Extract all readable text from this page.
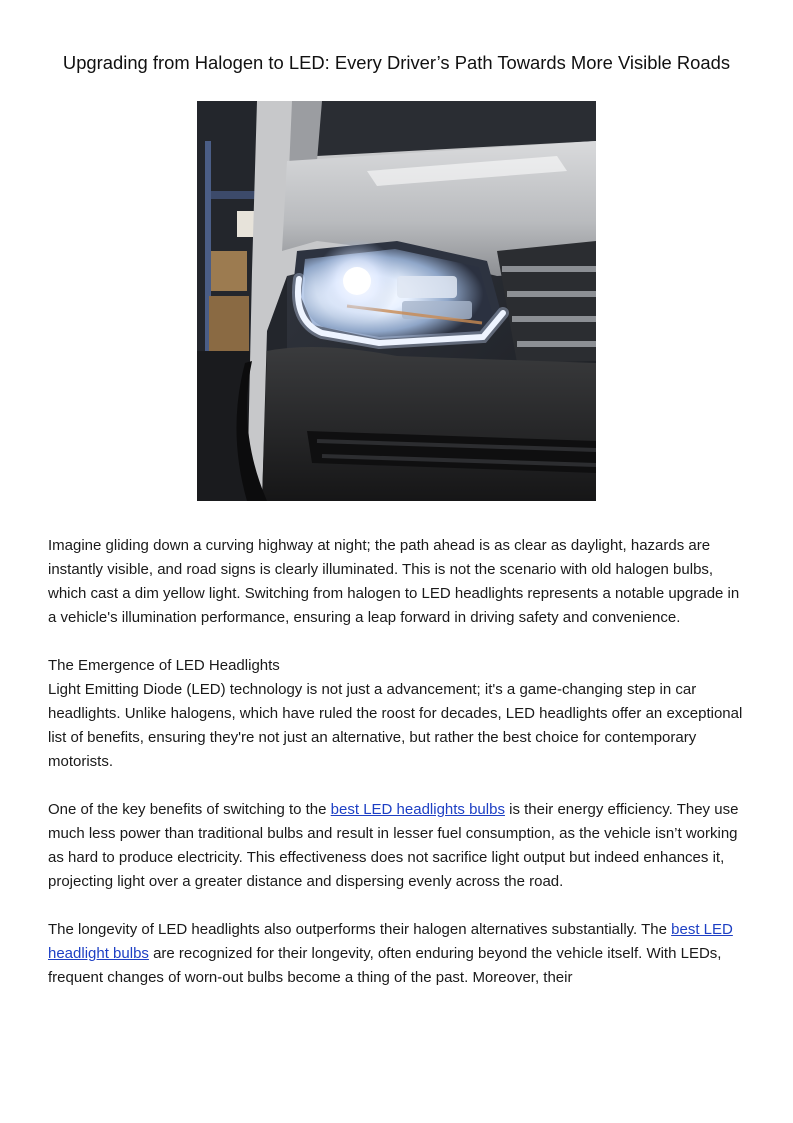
Upgrading from Halogen to LED: Every Driver’s Path Towards More Visible Roads

Imagine gliding down a curving highway at night; the path ahead is as clear as daylight, hazards are instantly visible, and road signs is clearly illuminated. This is not the scenario with old halogen bulbs, which cast a dim yellow light. Switching from halogen to LED headlights represents a notable upgrade in a vehicle's illumination performance, ensuring a leap forward in driving safety and convenience.

The Emergence of LED Headlights
Light Emitting Diode (LED) technology is not just a advancement; it's a game-changing step in car headlights. Unlike halogens, which have ruled the roost for decades, LED headlights offer an exceptional list of benefits, ensuring they're not just an alternative, but rather the best choice for contemporary motorists.

One of the key benefits of switching to the best LED headlights bulbs is their energy efficiency. They use much less power than traditional bulbs and result in lesser fuel consumption, as the vehicle isn’t working as hard to produce electricity. This effectiveness does not sacrifice light output but indeed enhances it, projecting light over a greater distance and dispersing evenly across the road.

The longevity of LED headlights also outperforms their halogen alternatives substantially. The best LED headlight bulbs are recognized for their longevity, often enduring beyond the vehicle itself. With LEDs, frequent changes of worn-out bulbs become a thing of the past. Moreover, their
